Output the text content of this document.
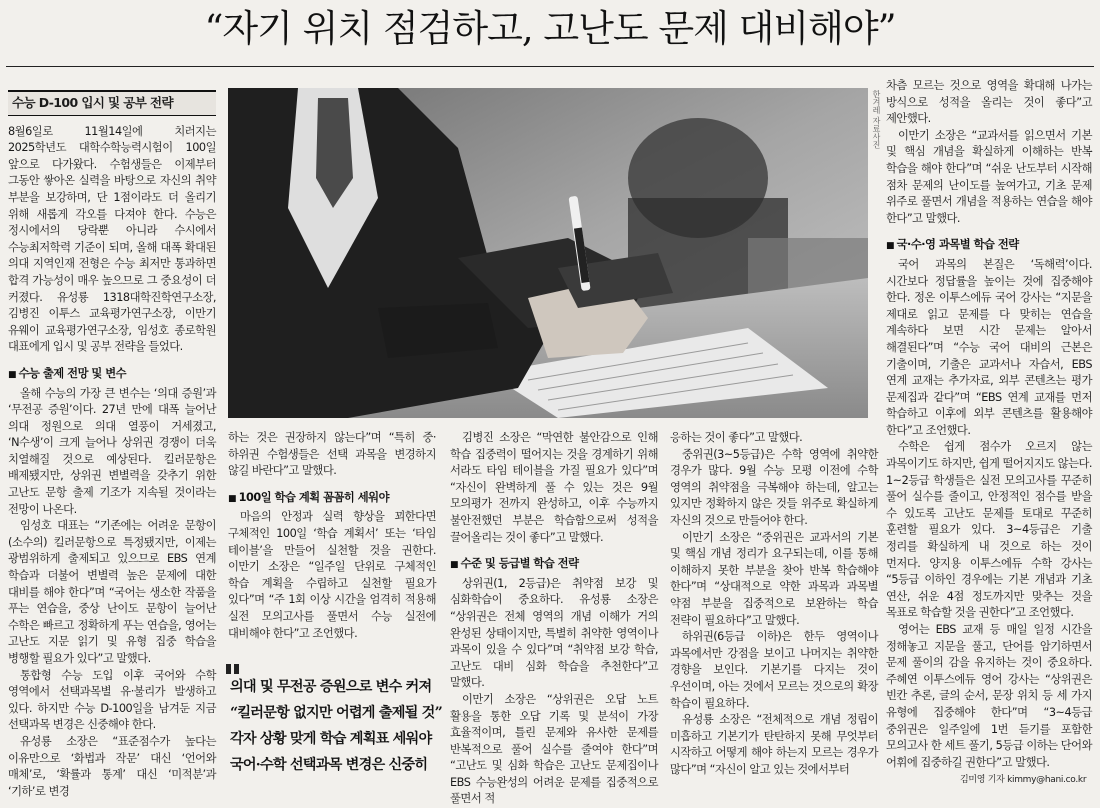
“자기 위치 점검하고, 고난도 문제 대비해야”
수능 D-100 입시 및 공부 전략

8월6일로 11월14일에 치러지는 2025학년도 대학수학능력시험이 100일 앞으로 다가왔다. 수험생들은 이제부터 그동안 쌓아온 실력을 바탕으로 자신의 취약 부분을 보강하며, 단 1점이라도 더 올리기 위해 새롭게 각오를 다져야 한다. 수능은 정시에서의 당락뿐 아니라 수시에서 수능최저학력 기준이 되며, 올해 대폭 확대된 의대 지역인재 전형은 수능 최저만 통과하면 합격 가능성이 매우 높으므로 그 중요성이 더 커졌다. 유성룡 1318대학진학연구소장, 김병진 이투스 교육평가연구소장, 이만기 유웨이 교육평가연구소장, 임성호 종로학원 대표에게 입시 및 공부 전략을 들었다.

■ 수능 출제 전망 및 변수

올해 수능의 가장 큰 변수는 ‘의대 증원’과 ‘무전공 증원’이다. 27년 만에 대폭 늘어난 의대 정원으로 의대 열풍이 거세졌고, ‘N수생’이 크게 늘어나 상위권 경쟁이 더욱 치열해질 것으로 예상된다. 킬러문항은 배제됐지만, 상위권 변별력을 갖추기 위한 고난도 문항 출제 기조가 지속될 것이라는 전망이 나온다.

임성호 대표는 “기존에는 어려운 문항이(소수의) 킬러문항으로 특정됐지만, 이제는 광범위하게 출제되고 있으므로 EBS 연계 학습과 더불어 변별력 높은 문제에 대한 대비를 해야 한다”며 “국어는 생소한 작품을 푸는 연습을, 중상 난이도 문항이 늘어난 수학은 빠르고 정확하게 푸는 연습을, 영어는 고난도 지문 읽기 및 유형 집중 학습을 병행할 필요가 있다”고 말했다.

통합형 수능 도입 이후 국어와 수학 영역에서 선택과목별 유·불리가 발생하고 있다. 하지만 수능 D-100일을 남겨둔 지금 선택과목 변경은 신중해야 한다.

유성룡 소장은 “표준점수가 높다는 이유만으로 ‘화법과 작문’ 대신 ‘언어와 매체’로, ‘확률과 통계’ 대신 ‘미적분’과 ‘기하’로 변경

한겨레 자료사진

하는 것은 권장하지 않는다”며 “특히 중·하위권 수험생들은 선택 과목을 변경하지 않길 바란다”고 말했다.

■ 100일 학습 계획 꼼꼼히 세워야

마음의 안정과 실력 향상을 꾀한다면 구체적인 100일 ‘학습 계획서’ 또는 ‘타임 테이블’을 만들어 실천할 것을 권한다. 이만기 소장은 “일주일 단위로 구체적인 학습 계획을 수립하고 실천할 필요가 있다”며 “주 1회 이상 시간을 엄격히 적용해 실전 모의고사를 풀면서 수능 실전에 대비해야 한다”고 조언했다.

의대 및 무전공 증원으로 변수 커져
“킬러문항 없지만 어렵게 출제될 것”
각자 상황 맞게 학습 계획표 세워야
국어·수학 선택과목 변경은 신중히

김병진 소장은 “막연한 불안감으로 인해 학습 집중력이 떨어지는 것을 경계하기 위해 서라도 타임 테이블을 가질 필요가 있다”며 “자신이 완벽하게 풀 수 있는 것은 9월 모의평가 전까지 완성하고, 이후 수능까지 불안전했던 부분은 학습함으로써 성적을 끌어올리는 것이 좋다”고 말했다.

■ 수준 및 등급별 학습 전략

상위권(1, 2등급)은 취약점 보강 및 심화학습이 중요하다. 유성룡 소장은 “상위권은 전체 영역의 개념 이해가 거의 완성된 상태이지만, 특별히 취약한 영역이나 과목이 있을 수 있다”며 “취약점 보강 학습, 고난도 대비 심화 학습을 추천한다”고 말했다.

이만기 소장은 “상위권은 오답 노트 활용을 통한 오답 기록 및 분석이 가장 효율적이며, 틀린 문제와 유사한 문제를 반복적으로 풀어 실수를 줄여야 한다”며 “고난도 및 심화 학습은 고난도 문제집이나 EBS 수능완성의 어려운 문제를 집중적으로 풀면서 적

응하는 것이 좋다”고 말했다.

중위권(3~5등급)은 수학 영역에 취약한 경우가 많다. 9월 수능 모평 이전에 수학 영역의 취약점을 극복해야 하는데, 알고는 있지만 정확하지 않은 것들 위주로 확실하게 자신의 것으로 만들어야 한다.

이만기 소장은 “중위권은 교과서의 기본 및 핵심 개념 정리가 요구되는데, 이를 통해 이해하지 못한 부분을 찾아 반복 학습해야 한다”며 “상대적으로 약한 과목과 과목별 약점 부분을 집중적으로 보완하는 학습 전략이 필요하다”고 말했다.

하위권(6등급 이하)은 한두 영역이나 과목에서만 강점을 보이고 나머지는 취약한 경향을 보인다. 기본기를 다지는 것이 우선이며, 아는 것에서 모르는 것으로의 확장 학습이 필요하다.

유성룡 소장은 “전체적으로 개념 정립이 미흡하고 기본기가 탄탄하지 못해 무엇부터 시작하고 어떻게 해야 하는지 모르는 경우가 많다”며 “자신이 알고 있는 것에서부터

차츰 모르는 것으로 영역을 확대해 나가는 방식으로 성적을 올리는 것이 좋다”고 제안했다.

이만기 소장은 “교과서를 읽으면서 기본 및 핵심 개념을 확실하게 이해하는 반복 학습을 해야 한다”며 “쉬운 난도부터 시작해 점차 문제의 난이도를 높여가고, 기초 문제 위주로 풀면서 개념을 적용하는 연습을 해야 한다”고 말했다.

■ 국·수·영 과목별 학습 전략

국어 과목의 본질은 ‘독해력’이다. 시간보다 정답률을 높이는 것에 집중해야 한다. 정온 이투스에듀 국어 강사는 “지문을 제대로 읽고 문제를 다 맞히는 연습을 계속하다 보면 시간 문제는 알아서 해결된다”며 “수능 국어 대비의 근본은 기출이며, 기출은 교과서나 자습서, EBS 연계 교재는 추가자료, 외부 콘텐츠는 평가 문제집과 같다”며 “EBS 연계 교재를 먼저 학습하고 이후에 외부 콘텐츠를 활용해야 한다”고 조언했다.

수학은 쉽게 점수가 오르지 않는 과목이기도 하지만, 쉽게 떨어지지도 않는다. 1~2등급 학생들은 실전 모의고사를 꾸준히 풀어 실수를 줄이고, 안정적인 점수를 받을 수 있도록 고난도 문제를 토대로 꾸준히 훈련할 필요가 있다. 3~4등급은 기출 정리를 확실하게 내 것으로 하는 것이 먼저다. 양지용 이투스에듀 수학 강사는 “5등급 이하인 경우에는 기본 개념과 기초 연산, 쉬운 4점 정도까지만 맞추는 것을 목표로 학습할 것을 권한다”고 조언했다.

영어는 EBS 교재 등 매일 일정 시간을 정해놓고 지문을 풀고, 단어를 암기하면서 문제 풀이의 감을 유지하는 것이 중요하다. 주혜연 이투스에듀 영어 강사는 “상위권은 빈칸 추론, 글의 순서, 문장 위치 등 세 가지 유형에 집중해야 한다”며 “3~4등급 중위권은 일주일에 1번 듣기를 포함한 모의고사 한 세트 풀기, 5등급 이하는 단어와 어휘에 집중하길 권한다”고 말했다.

김미영 기자 kimmy@hani.co.kr
